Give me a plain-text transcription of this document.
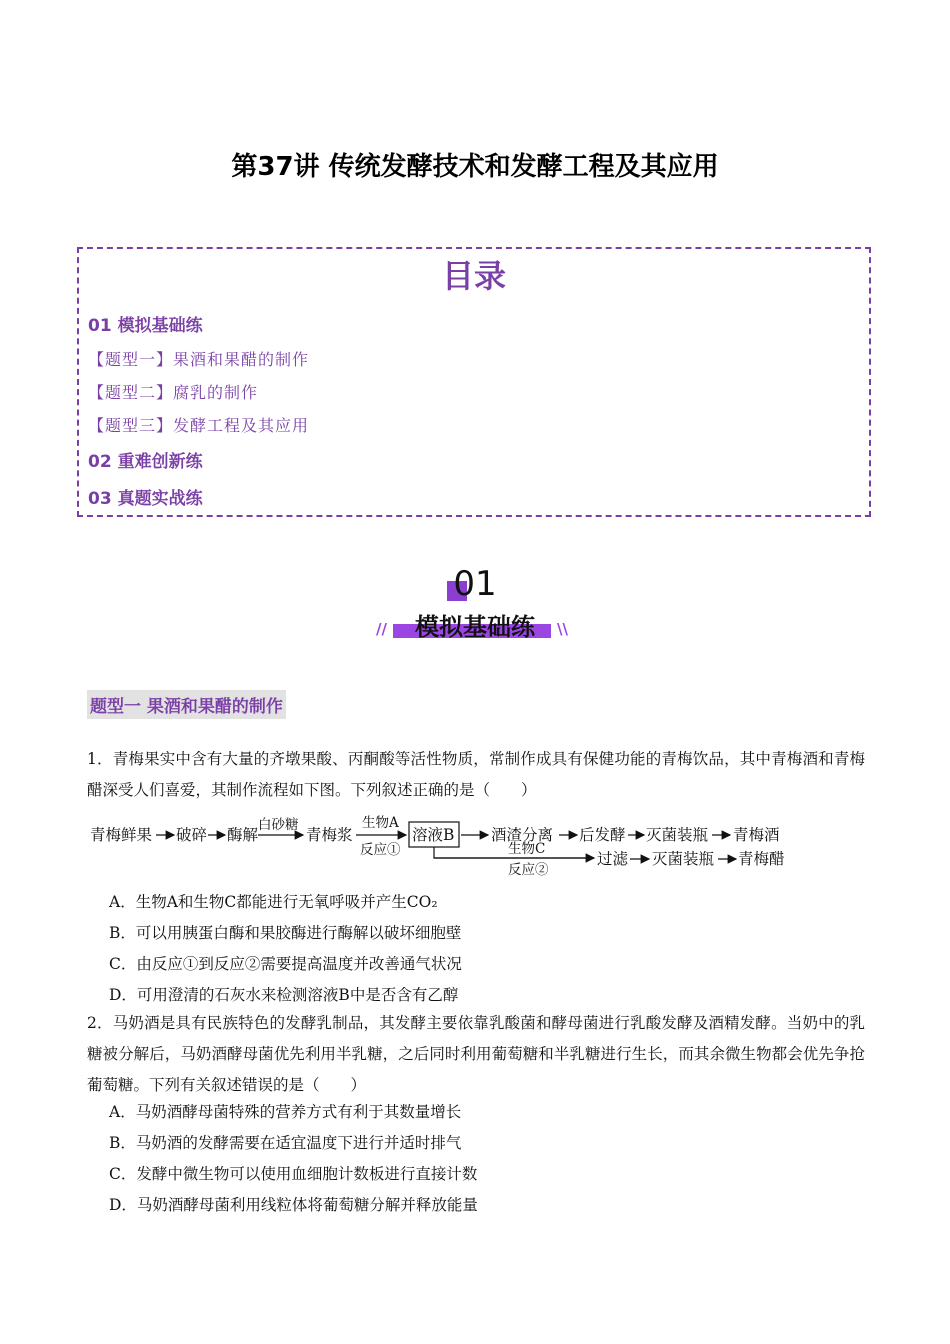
第37讲 传统发酵技术和发酵工程及其应用
目录
01 模拟基础练
【题型一】果酒和果醋的制作
【题型二】腐乳的制作
【题型三】发酵工程及其应用
02 重难创新练
03 真题实战练
01
模拟基础练
//	\\
题型一 果酒和果醋的制作
1．青梅果实中含有大量的齐墩果酸、丙酮酸等活性物质，常制作成具有保健功能的青梅饮品，其中青梅酒和青梅醋深受人们喜爱，其制作流程如下图。下列叙述正确的是（　　）
青梅鲜果 破碎 酶解
白砂糖
青梅浆
生物A
反应①
溶液B 酒渣分离 后发酵 灭菌装瓶 青梅酒
生物C
反应②
过滤 灭菌装瓶 青梅醋
A．生物A和生物C都能进行无氧呼吸并产生CO₂
B．可以用胰蛋白酶和果胶酶进行酶解以破坏细胞壁
C．由反应①到反应②需要提高温度并改善通气状况
D．可用澄清的石灰水来检测溶液B中是否含有乙醇
2．马奶酒是具有民族特色的发酵乳制品，其发酵主要依靠乳酸菌和酵母菌进行乳酸发酵及酒精发酵。当奶中的乳糖被分解后，马奶酒酵母菌优先利用半乳糖，之后同时利用葡萄糖和半乳糖进行生长，而其余微生物都会优先争抢葡萄糖。下列有关叙述错误的是（　　）
A．马奶酒酵母菌特殊的营养方式有利于其数量增长
B．马奶酒的发酵需要在适宜温度下进行并适时排气
C．发酵中微生物可以使用血细胞计数板进行直接计数
D．马奶酒酵母菌利用线粒体将葡萄糖分解并释放能量
